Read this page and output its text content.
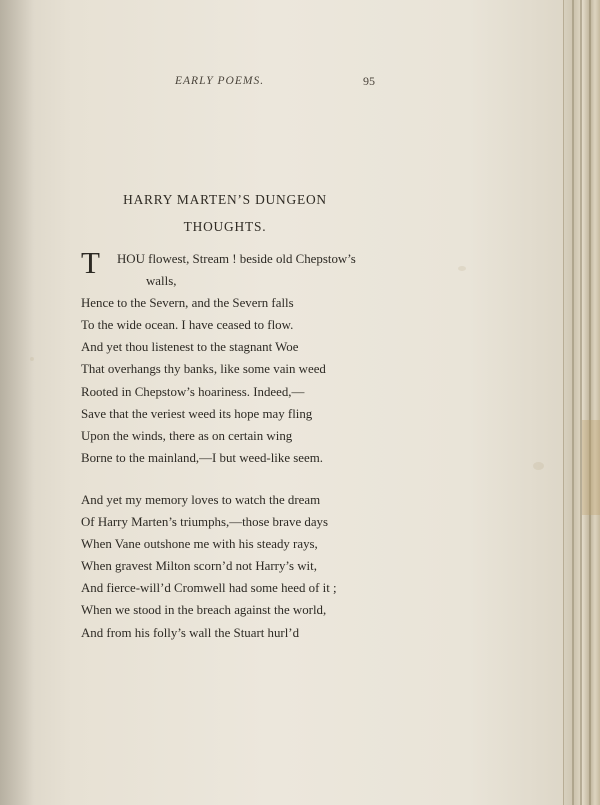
EARLY POEMS.	95
HARRY MARTEN’S DUNGEON
THOUGHTS.
T HOU flowest, Stream ! beside old Chepstow’s
walls,
Hence to the Severn, and the Severn falls
To the wide ocean. I have ceased to flow.
And yet thou listenest to the stagnant Woe
That overhangs thy banks, like some vain weed
Rooted in Chepstow’s hoariness. Indeed,—
Save that the veriest weed its hope may fling
Upon the winds, there as on certain wing
Borne to the mainland,—I but weed-like seem.
And yet my memory loves to watch the dream
Of Harry Marten’s triumphs,—those brave days
When Vane outshone me with his steady rays,
When gravest Milton scorn’d not Harry’s wit,
And fierce-will’d Cromwell had some heed of it ;
When we stood in the breach against the world,
And from his folly’s wall the Stuart hurl’d
